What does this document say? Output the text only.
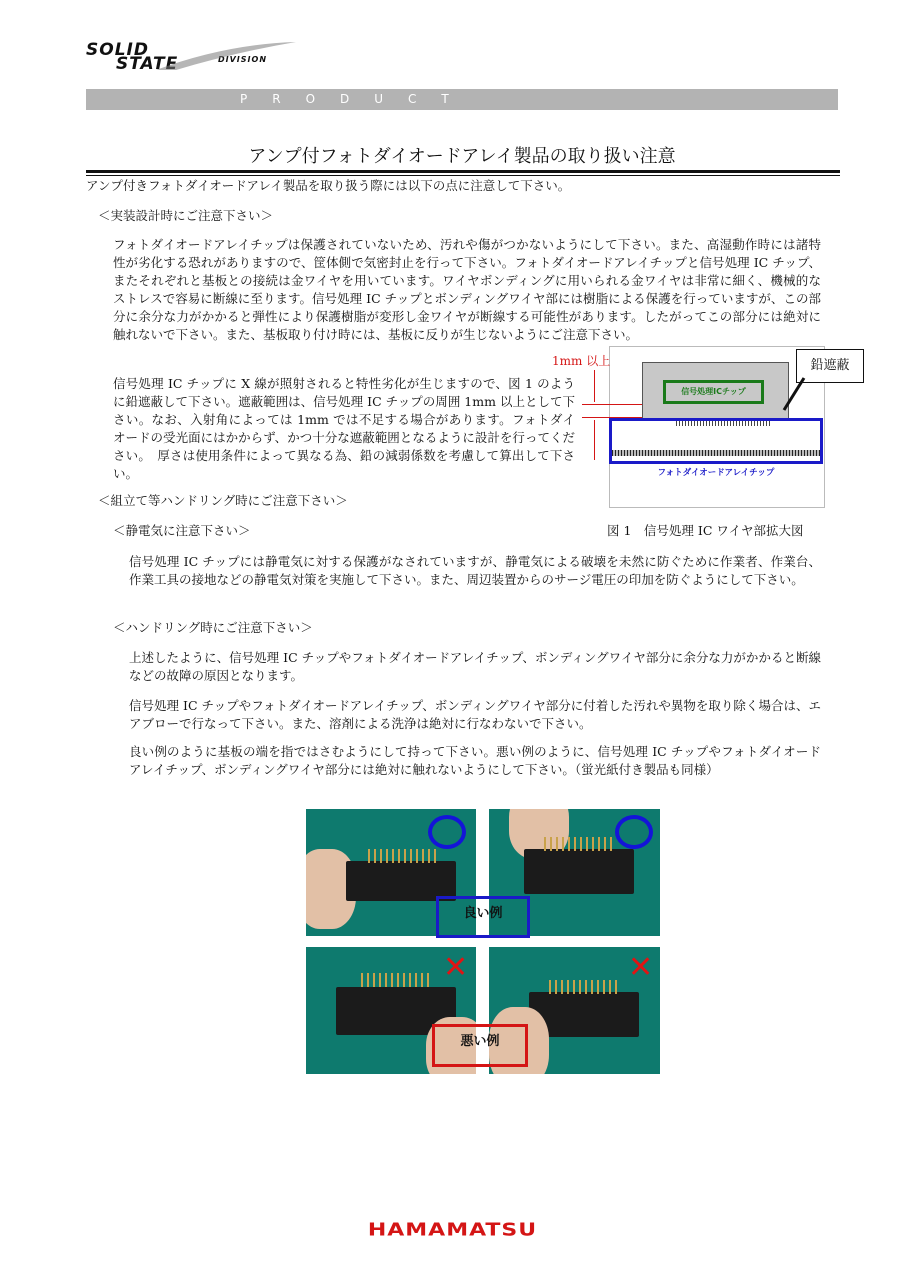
SOLID
STATE	DIVISION
PRODUCT INFORMATION
アンプ付フォトダイオードアレイ製品の取り扱い注意
アンプ付きフォトダイオードアレイ製品を取り扱う際には以下の点に注意して下さい。
＜実装設計時にご注意下さい＞
フォトダイオードアレイチップは保護されていないため、汚れや傷がつかないようにして下さい。また、高湿動作時には諸特性が劣化する恐れがありますので、筐体側で気密封止を行って下さい。フォトダイオードアレイチップと信号処理 IC チップ、またそれぞれと基板との接続は金ワイヤを用いています。ワイヤボンディングに用いられる金ワイヤは非常に細く、機械的なストレスで容易に断線に至ります。信号処理 IC チップとボンディングワイヤ部には樹脂による保護を行っていますが、この部分に余分な力がかかると弾性により保護樹脂が変形し金ワイヤが断線する可能性があります。したがってこの部分には絶対に触れないで下さい。また、基板取り付け時には、基板に反りが生じないようにご注意下さい。
信号処理 IC チップに X 線が照射されると特性劣化が生じますので、図 1 のように鉛遮蔽して下さい。遮蔽範囲は、信号処理 IC チップの周囲 1mm 以上として下さい。なお、入射角によっては 1mm では不足する場合があります。フォトダイオードの受光面にはかからず、かつ十分な遮蔽範囲となるように設計を行ってください。　厚さは使用条件によって異なる為、鉛の減弱係数を考慮して算出して下さい。
信号処理ICチップ
フォトダイオードアレイチップ
鉛遮蔽
1mm 以上
図 1　信号処理 IC ワイヤ部拡大図
＜組立て等ハンドリング時にご注意下さい＞
＜静電気に注意下さい＞
信号処理 IC チップには静電気に対する保護がなされていますが、静電気による破壊を未然に防ぐために作業者、作業台、作業工具の接地などの静電気対策を実施して下さい。また、周辺装置からのサージ電圧の印加を防ぐようにして下さい。
＜ハンドリング時にご注意下さい＞
上述したように、信号処理 IC チップやフォトダイオードアレイチップ、ボンディングワイヤ部分に余分な力がかかると断線などの故障の原因となります。
信号処理 IC チップやフォトダイオードアレイチップ、ボンディングワイヤ部分に付着した汚れや異物を取り除く場合は、エアブローで行なって下さい。また、溶剤による洗浄は絶対に行なわないで下さい。
良い例のように基板の端を指ではさむようにして持って下さい。悪い例のように、信号処理 IC チップやフォトダイオードアレイチップ、ボンディングワイヤ部分には絶対に触れないようにして下さい。（蛍光紙付き製品も同様）
✕	✕
良い例
悪い例
HAMAMATSU
